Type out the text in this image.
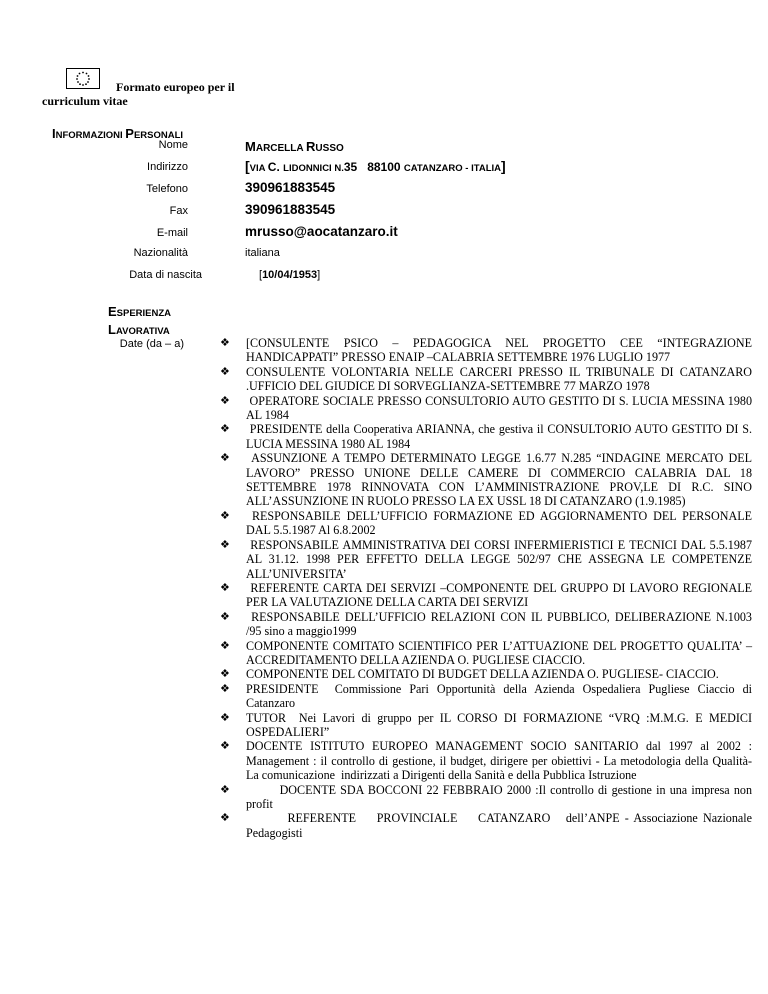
Formato europeo per il
curriculum vitae
INFORMAZIONI PERSONALI
Nome	MARCELLA RUSSO
Indirizzo	[VIA C. LIDONNICI N.35   88100 CATANZARO - ITALIA]
Telefono	390961883545
Fax	390961883545
E-mail	mrusso@aocatanzaro.it
Nazionalità	italiana
Data di nascita	[10/04/1953]
ESPERIENZA
LAVORATIVA
Date (da – a)	❖ [CONSULENTE PSICO – PEDAGOGICA NEL PROGETTO CEE “INTEGRAZIONE HANDICAPPATI” PRESSO ENAIP –CALABRIA SETTEMBRE 1976 LUGLIO 1977
❖ CONSULENTE VOLONTARIA NELLE CARCERI PRESSO IL TRIBUNALE DI CATANZARO .UFFICIO DEL GIUDICE DI SORVEGLIANZA-SETTEMBRE 77 MARZO 1978
❖ OPERATORE SOCIALE PRESSO CONSULTORIO AUTO GESTITO DI S. LUCIA MESSINA 1980 AL 1984
❖ PRESIDENTE della Cooperativa ARIANNA, che gestiva il CONSULTORIO AUTO GESTITO DI S. LUCIA MESSINA 1980 AL 1984
❖ ASSUNZIONE A TEMPO DETERMINATO LEGGE 1.6.77 N.285 “INDAGINE MERCATO DEL LAVORO” PRESSO UNIONE DELLE CAMERE DI COMMERCIO CALABRIA DAL 18 SETTEMBRE 1978 RINNOVATA CON L’AMMINISTRAZIONE PROV,LE DI R.C. SINO ALL’ASSUNZIONE IN RUOLO PRESSO LA EX USSL 18 DI CATANZARO (1.9.1985)
❖ RESPONSABILE DELL’UFFICIO FORMAZIONE ED AGGIORNAMENTO DEL PERSONALE DAL 5.5.1987 Al 6.8.2002
❖ RESPONSABILE AMMINISTRATIVA DEI CORSI INFERMIERISTICI E TECNICI DAL 5.5.1987 AL 31.12. 1998 PER EFFETTO DELLA LEGGE 502/97 CHE ASSEGNA LE COMPETENZE ALL’UNIVERSITA’
❖ REFERENTE CARTA DEI SERVIZI –COMPONENTE DEL GRUPPO DI LAVORO REGIONALE PER LA VALUTAZIONE DELLA CARTA DEI SERVIZI
❖ RESPONSABILE DELL’UFFICIO RELAZIONI CON IL PUBBLICO, DELIBERAZIONE N.1003 /95 sino a maggio1999
❖ COMPONENTE COMITATO SCIENTIFICO PER L’ATTUAZIONE DEL PROGETTO QUALITA’ – ACCREDITAMENTO DELLA AZIENDA O. PUGLIESE CIACCIO.
❖ COMPONENTE DEL COMITATO DI BUDGET DELLA AZIENDA O. PUGLIESE- CIACCIO.
❖ PRESIDENTE  Commissione Pari Opportunità della Azienda Ospedaliera Pugliese Ciaccio di Catanzaro
❖ TUTOR  Nei Lavori di gruppo per IL CORSO DI FORMAZIONE “VRQ :M.M.G. E MEDICI OSPEDALIERI”
❖ DOCENTE ISTITUTO EUROPEO MANAGEMENT SOCIO SANITARIO dal 1997 al 2002 : Management : il controllo di gestione, il budget, dirigere per obiettivi - La metodologia della Qualità- La comunicazione  indirizzati a Dirigenti della Sanità e della Pubblica Istruzione
❖ DOCENTE SDA BOCCONI 22 FEBBRAIO 2000 :Il controllo di gestione in una impresa non profit
❖ REFERENTE    PROVINCIALE    CATANZARO   dell’ANPE - Associazione Nazionale Pedagogisti
